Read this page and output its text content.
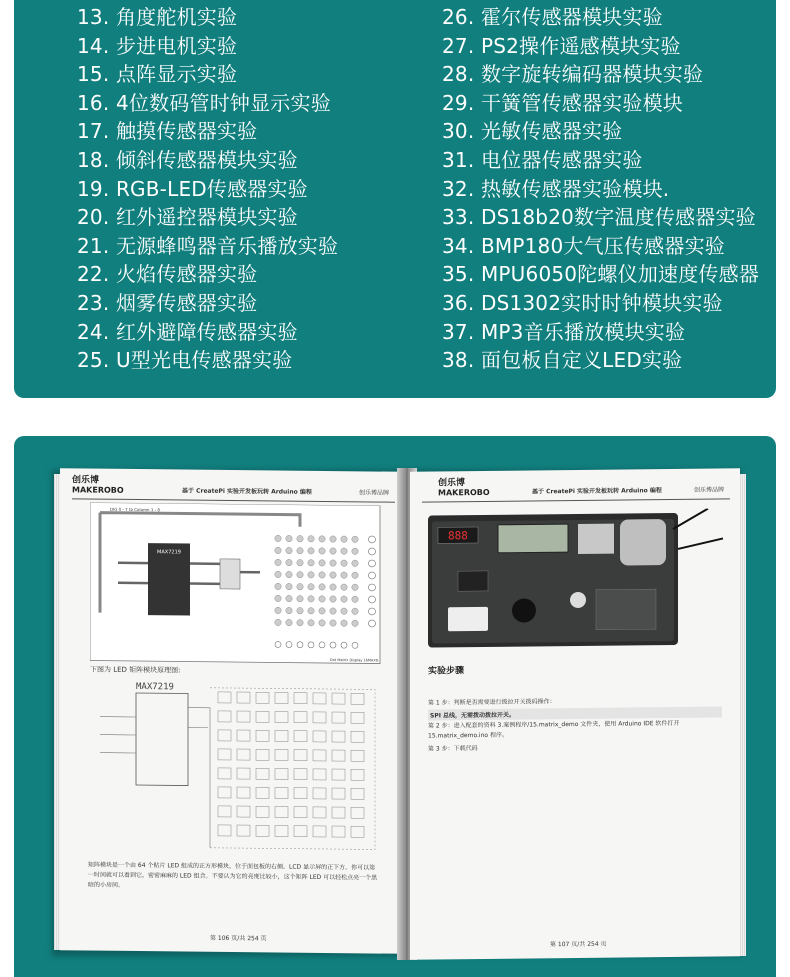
13. 角度舵机实验
14. 步进电机实验
15. 点阵显示实验
16. 4位数码管时钟显示实验
17. 触摸传感器实验
18. 倾斜传感器模块实验
19. RGB-LED传感器实验
20. 红外遥控器模块实验
21. 无源蜂鸣器音乐播放实验
22. 火焰传感器实验
23. 烟雾传感器实验
24. 红外避障传感器实验
25. U型光电传感器实验
26. 霍尔传感器模块实验
27. PS2操作遥感模块实验
28. 数字旋转编码器模块实验
29. 干簧管传感器实验模块
30. 光敏传感器实验
31. 电位器传感器实验
32. 热敏传感器实验模块.
33. DS18b20数字温度传感器实验
34. BMP180大气压传感器实验
35. MPU6050陀螺仪加速度传感器
36. DS1302实时时钟模块实验
37. MP3音乐播放模块实验
38. 面包板自定义LED实验
创乐博
MAKEROBO	基于 CreatePi 实验开发板玩转 Arduino 编程	创乐博品牌
MAX7219
DIG 0 - 7 to Column 1 - 8
Dot Matrix Display 16MAXG
下图为 LED 矩阵模块原理图:
MAX7219
矩阵模块是一个由 64 个贴片 LED 组成的正方形模块，位于面包板的右侧。LCD 显示屏的正下方。你可以第一时间就可以看到它，密密麻麻的 LED 组合。不要认为它的亮度比较小，这个矩阵 LED 可以轻松点亮一个黑暗的小房间。
第 106 页/共 254 页
创乐博
MAKEROBO	基于 CreatePi 实验开发板玩转 Arduino 编程	创乐博品牌
888
实验步骤
第 1 步：判断是否需要进行拨拉开关拨码操作：
SPI 总线，无需拨动拨拉开关。
第 2 步：进入配套的资料 3.案例程序/15.matrix_demo 文件夹，使用 Arduino IDE 软件打开 15.matrix_demo.ino 程序。
第 3 步：下载代码
第 107 页/共 254 页
